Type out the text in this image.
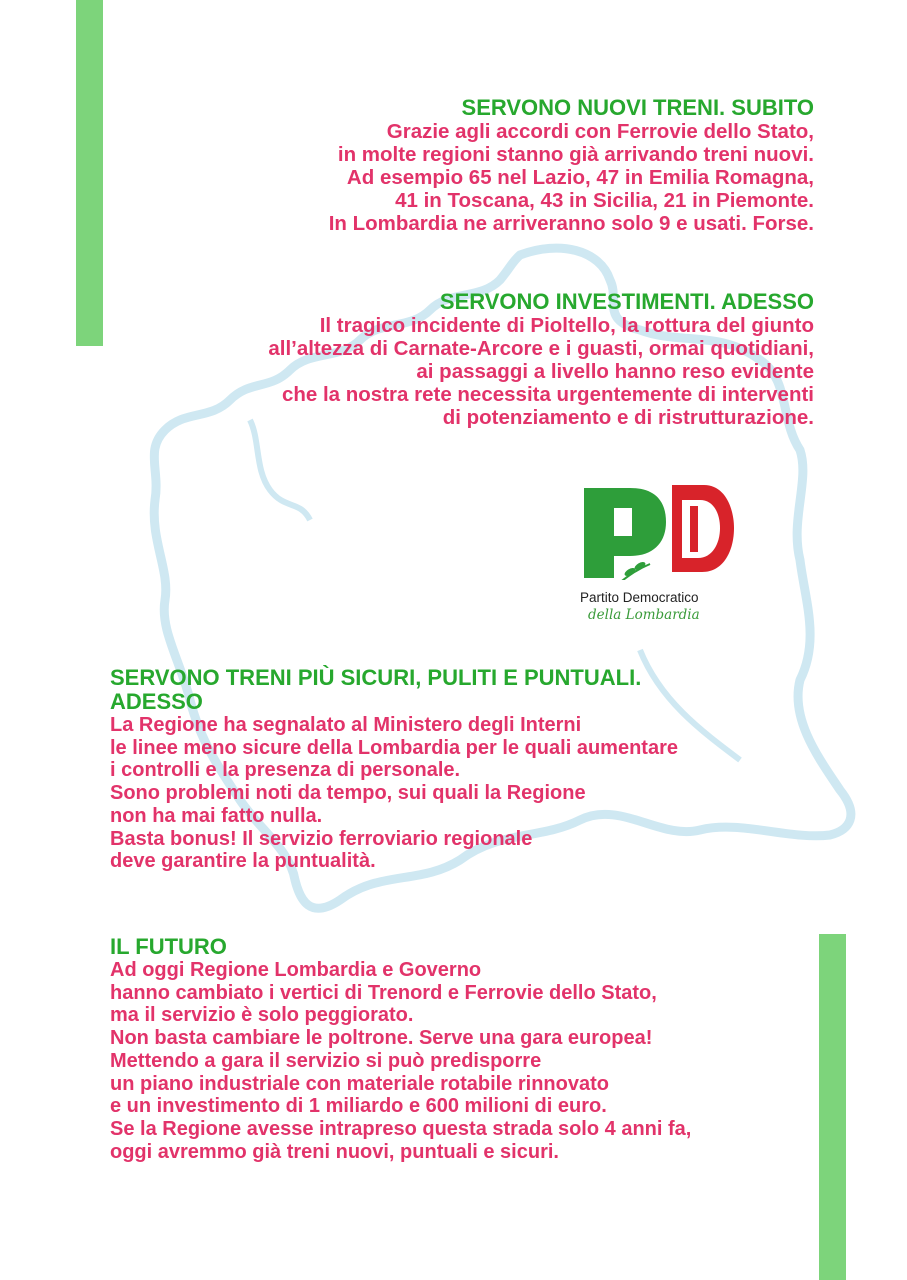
SERVONO NUOVI TRENI. SUBITO

Grazie agli accordi con Ferrovie dello Stato,
in molte regioni stanno già arrivando treni nuovi.
Ad esempio 65 nel Lazio, 47 in Emilia Romagna,
41 in Toscana, 43 in Sicilia, 21 in Piemonte.
In Lombardia ne arriveranno solo 9 e usati. Forse.

SERVONO INVESTIMENTI. ADESSO

Il tragico incidente di Pioltello, la rottura del giunto
all’altezza di Carnate-Arcore e i guasti, ormai quotidiani,
ai passaggi a livello hanno reso evidente
che la nostra rete necessita urgentemente di interventi
di potenziamento e di ristrutturazione.

Partito Democratico
della Lombardia

SERVONO TRENI PIÙ SICURI, PULITI E PUNTUALI.
ADESSO

La Regione ha segnalato al Ministero degli Interni
le linee meno sicure della Lombardia per le quali aumentare
i controlli e la presenza di personale.
Sono problemi noti da tempo, sui quali la Regione
non ha mai fatto nulla.
Basta bonus! Il servizio ferroviario regionale
deve garantire la puntualità.

IL FUTURO

Ad oggi Regione Lombardia e Governo
hanno cambiato i vertici di Trenord e Ferrovie dello Stato,
ma il servizio è solo peggiorato.
Non basta cambiare le poltrone. Serve una gara europea!
Mettendo a gara il servizio si può predisporre
un piano industriale con materiale rotabile rinnovato
e un investimento di 1 miliardo e 600 milioni di euro.
Se la Regione avesse intrapreso questa strada solo 4 anni fa,
oggi avremmo già treni nuovi, puntuali e sicuri.
